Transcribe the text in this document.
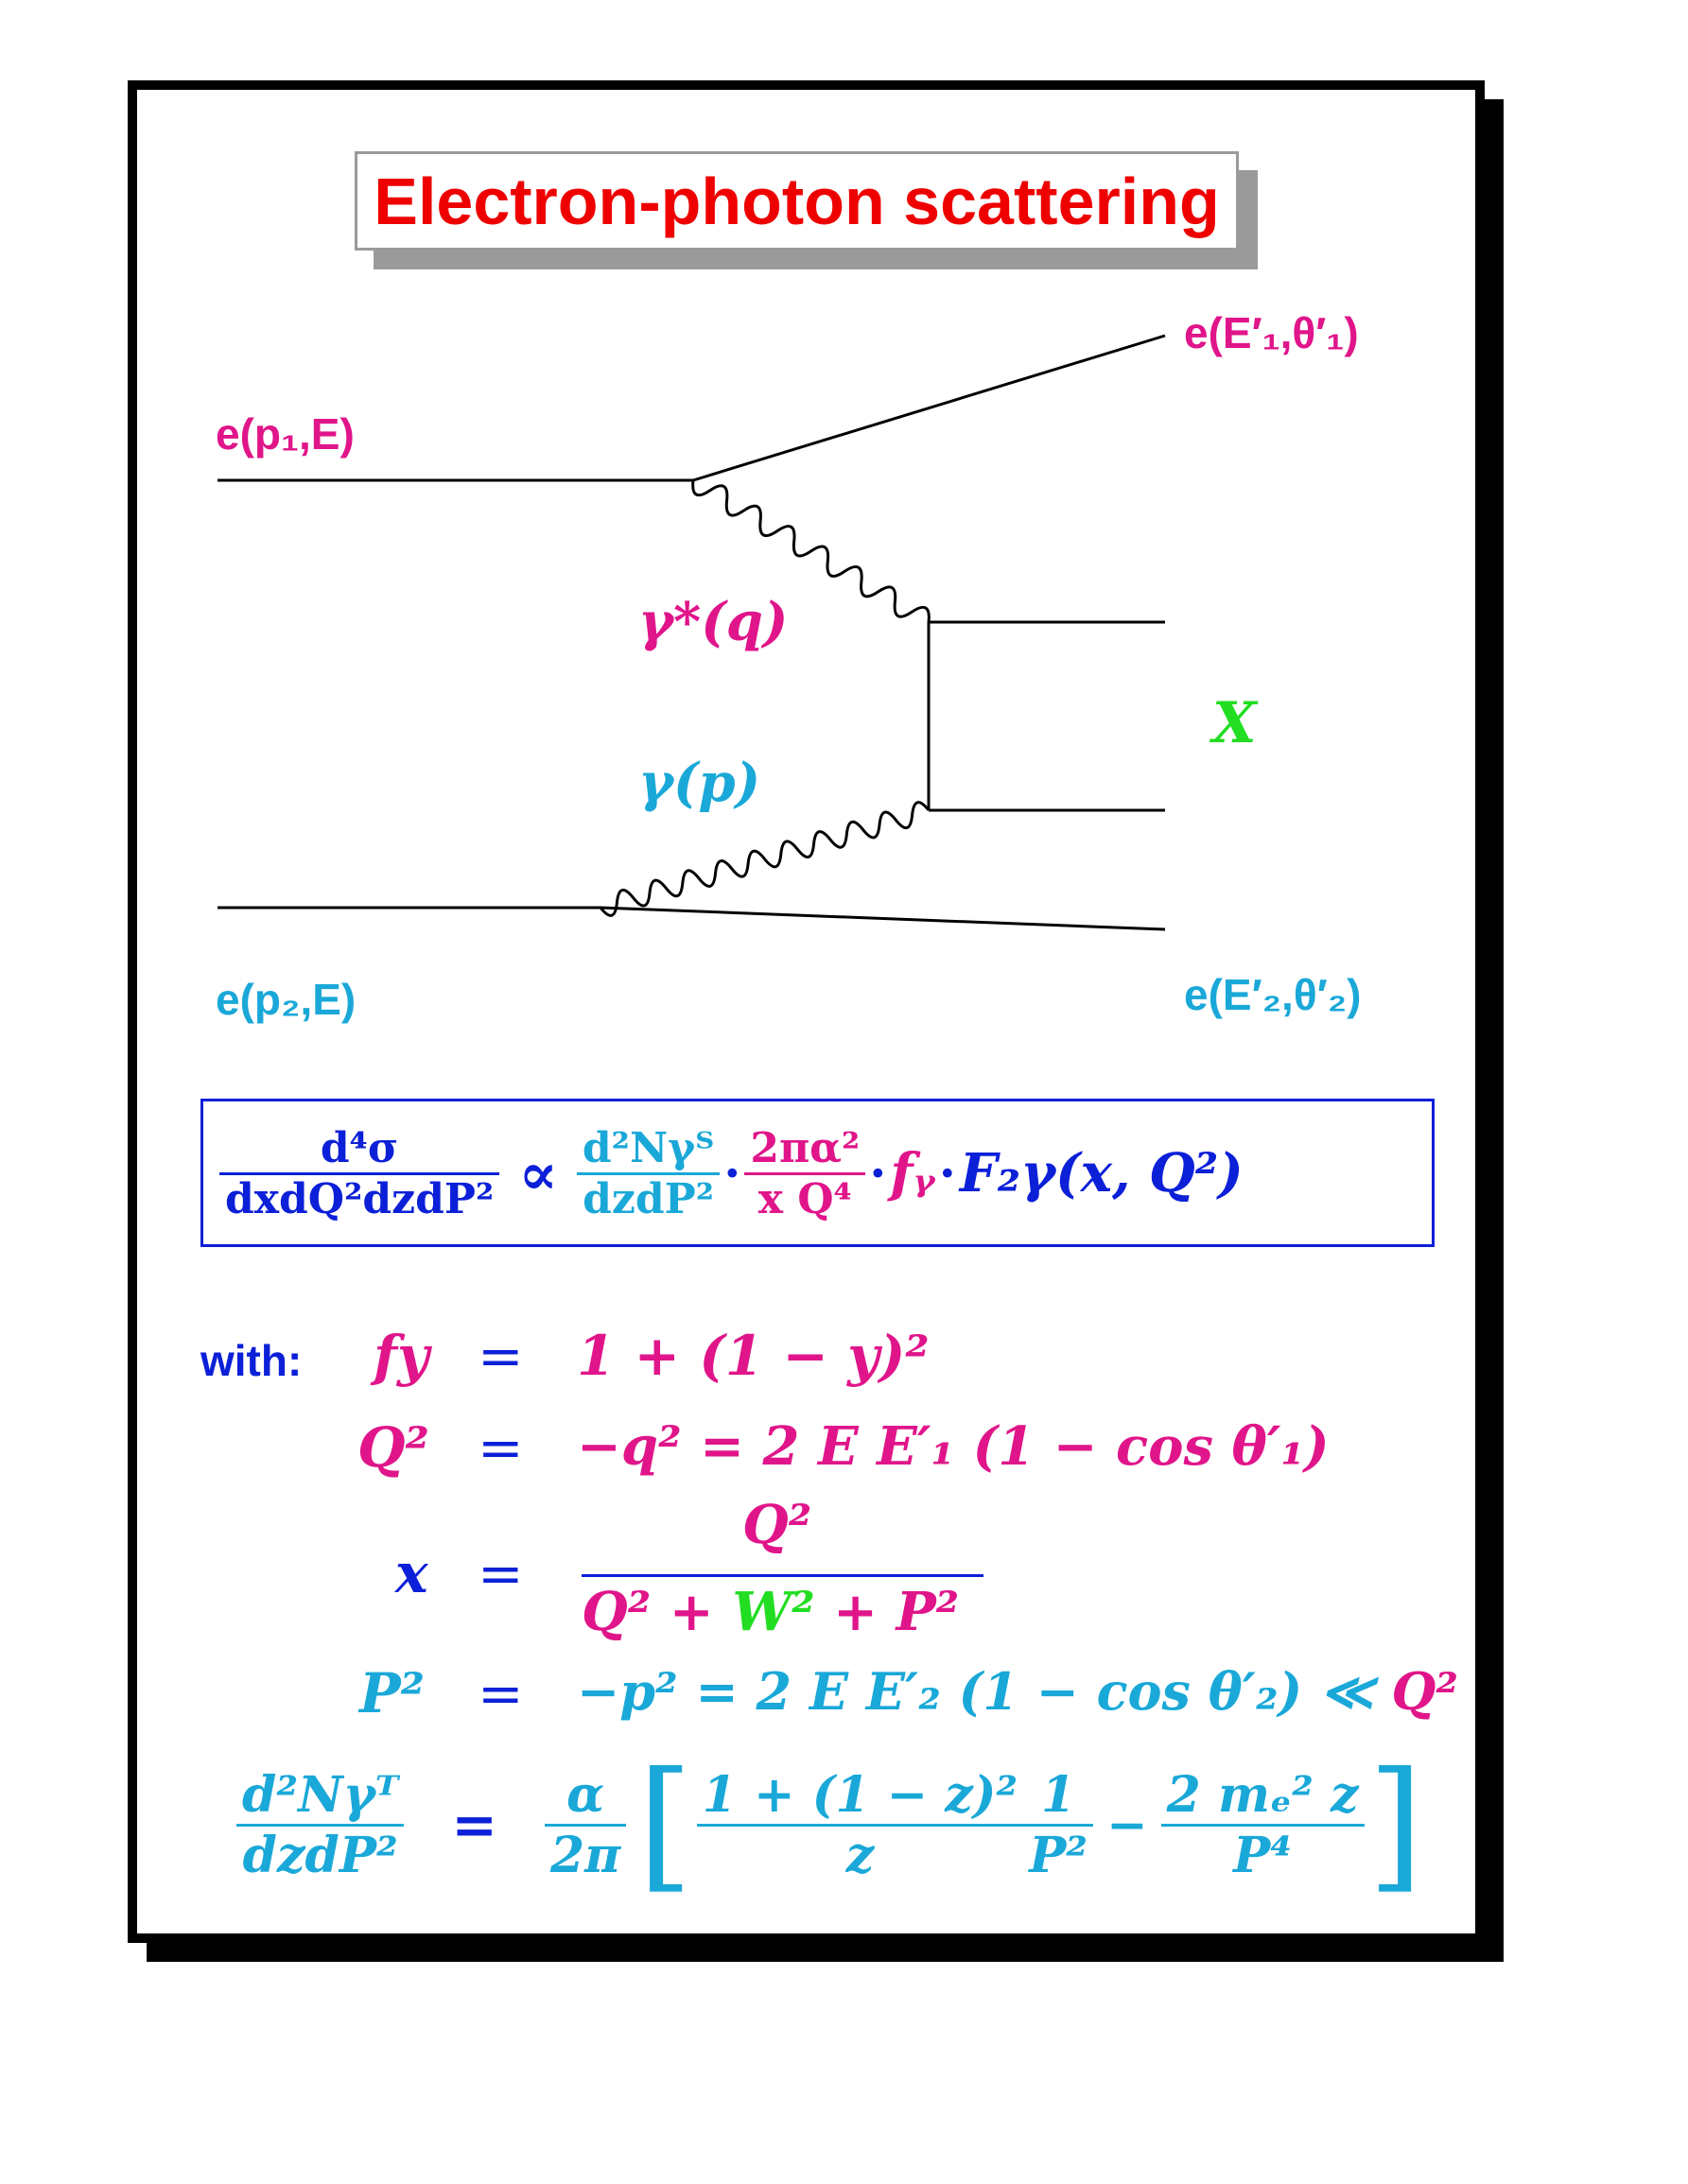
Electron-photon scattering
e(p₁,E)
e(E′₁,θ′₁)
γ*(q)
γ(p)
X
e(p₂,E)	e(E′₂,θ′₂)
$\frac{\text{d⁴σ}}{\text{dxdQ²dzdP²}} \propto \frac{\text{d²Nγᵀ}}{\text{dzdP²}} \cdot \frac{\text{2πα²}}{\text{x Q⁴}}$ · fᵧ · F₂γ(x, Q²)
with: fy = 1 + (1 − y)²
Q² = −q² = 2 E E′₁ (1 − cos θ′₁)
x =
Q²
Q² + W² + P²
P² = −p² = 2 E E′₂ (1 − cos θ′₂) ≪ Q²
$\frac{\text{d²Nγᵀ}}{\text{dzdP²}} = \frac{\alpha}{2\pi}$ [ $\frac{\text{1 + (1 − z)²}}{z} \frac{1}{\text{P²}} - \frac{\text{2 mₑ² z}}{\text{P⁴}}$ ]
